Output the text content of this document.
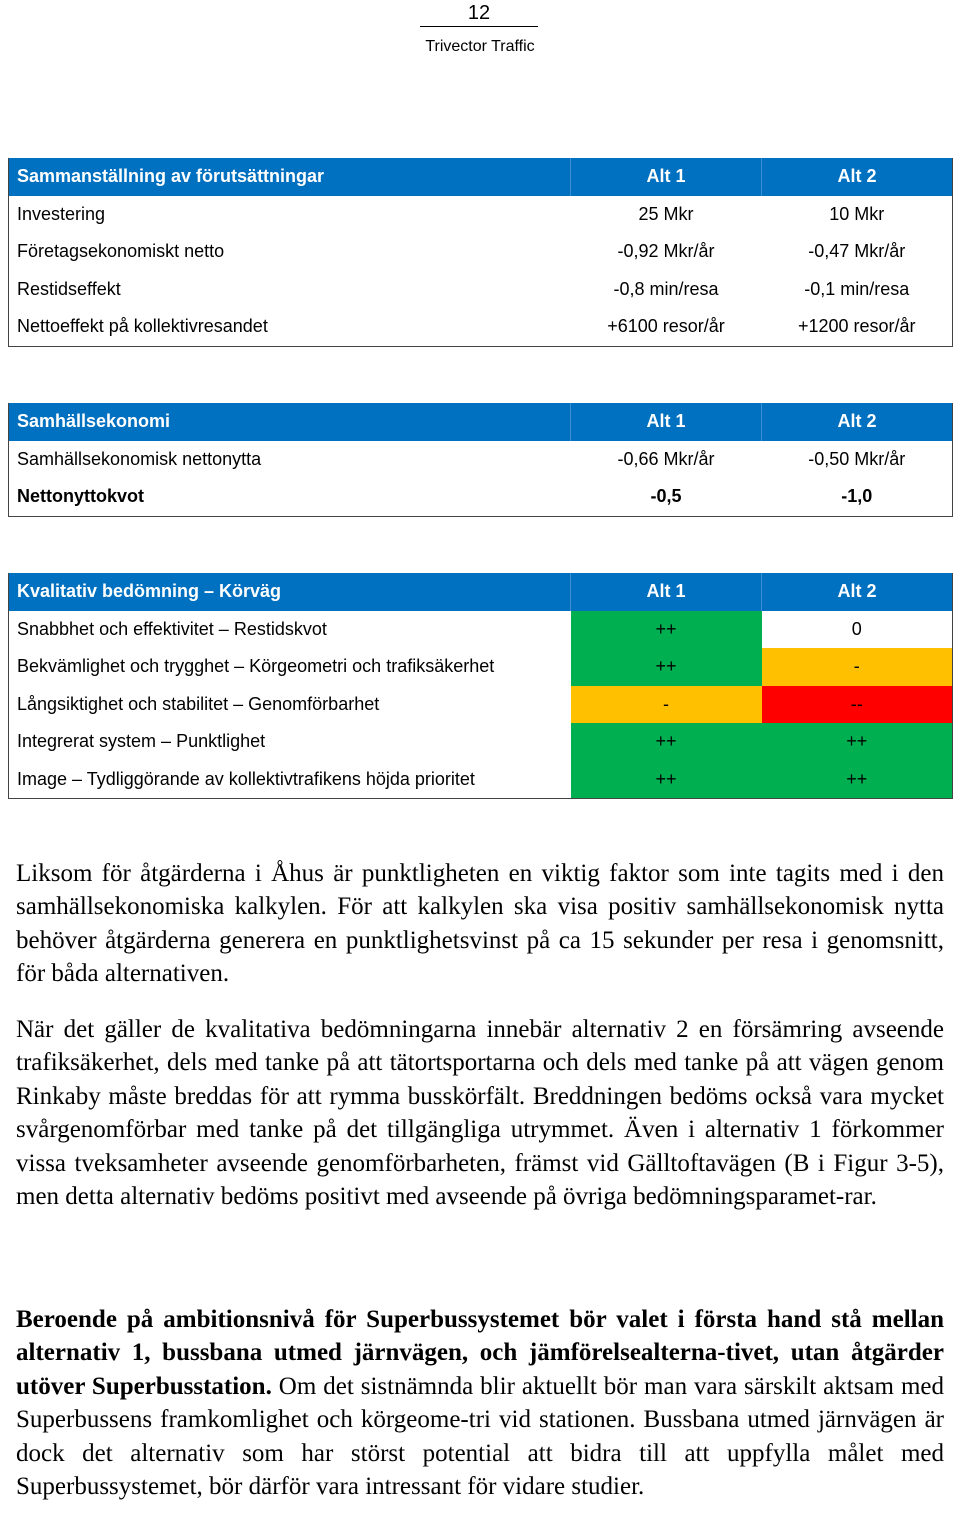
12
Trivector Traffic
Sammanställning av förutsättningar	Alt 1	Alt 2
Investering	25 Mkr	10 Mkr
Företagsekonomiskt netto	-0,92 Mkr/år	-0,47 Mkr/år
Restidseffekt	-0,8 min/resa	-0,1 min/resa
Nettoeffekt på kollektivresandet	+6100 resor/år	+1200 resor/år
Samhällsekonomi	Alt 1	Alt 2
Samhällsekonomisk nettonytta	-0,66 Mkr/år	-0,50 Mkr/år
Nettonyttokvot	-0,5	-1,0
Kvalitativ bedömning – Körväg	Alt 1	Alt 2
Snabbhet och effektivitet – Restidskvot	++	0
Bekvämlighet och trygghet – Körgeometri och trafiksäkerhet	++	-
Långsiktighet och stabilitet – Genomförbarhet	-	--
Integrerat system – Punktlighet	++	++
Image – Tydliggörande av kollektivtrafikens höjda prioritet	++	++

Liksom för åtgärderna i Åhus är punktligheten en viktig faktor som inte tagits med i den samhällsekonomiska kalkylen. För att kalkylen ska visa positiv samhällsekonomisk nytta behöver åtgärderna generera en punktlighetsvinst på ca 15 sekunder per resa i genomsnitt, för båda alternativen.

När det gäller de kvalitativa bedömningarna innebär alternativ 2 en försämring avseende trafiksäkerhet, dels med tanke på att tätortsportarna och dels med tanke på att vägen genom Rinkaby måste breddas för att rymma busskörfält. Breddningen bedöms också vara mycket svårgenomförbar med tanke på det tillgängliga utrymmet. Även i alternativ 1 förkommer vissa tveksamheter avseende genomförbarheten, främst vid Gälltoftavägen (B i Figur 3-5), men detta alternativ bedöms positivt med avseende på övriga bedömningsparamet-rar.

Beroende på ambitionsnivå för Superbussystemet bör valet i första hand stå mellan alternativ 1, bussbana utmed järnvägen, och jämförelsealterna-tivet, utan åtgärder utöver Superbusstation. Om det sistnämnda blir aktuellt bör man vara särskilt aktsam med Superbussens framkomlighet och körgeome-tri vid stationen. Bussbana utmed järnvägen är dock det alternativ som har störst potential att bidra till att uppfylla målet med Superbussystemet, bör därför vara intressant för vidare studier.
